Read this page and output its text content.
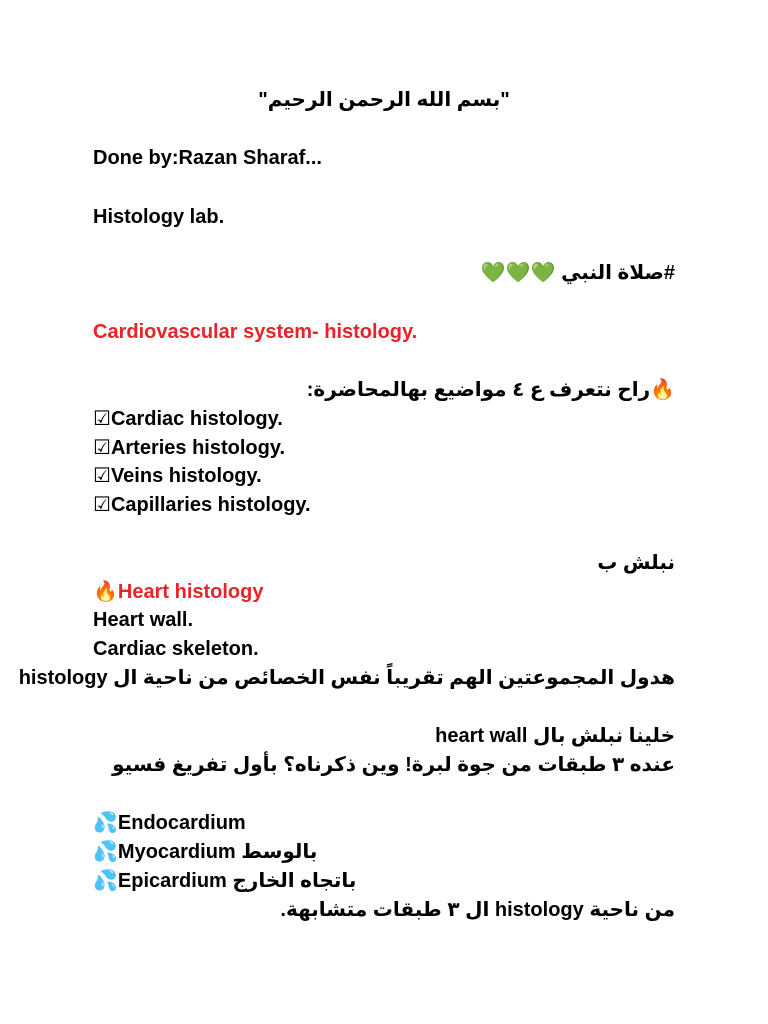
"بسم الله الرحمن الرحيم"
Done by:Razan Sharaf...
Histology lab.
#صلاة النبي 💚💚💚
Cardiovascular system- histology.
🔥راح نتعرف ع ٤ مواضيع بهالمحاضرة:
☑Cardiac histology.
☑Arteries histology.
☑Veins histology.
☑Capillaries histology.
نبلش ب
🔥Heart histology
Heart wall.
Cardiac skeleton.
هدول المجموعتين الهم تقريباً نفس الخصائص من ناحية ال histology
خلينا نبلش بال heart wall
عنده ٣ طبقات من جوة لبرة! وين ذكرناه؟ بأول تفريغ فسيو
💦Endocardium
💦Myocardium بالوسط
💦Epicardium باتجاه الخارج
من ناحية histology ال ٣ طبقات متشابهة.
